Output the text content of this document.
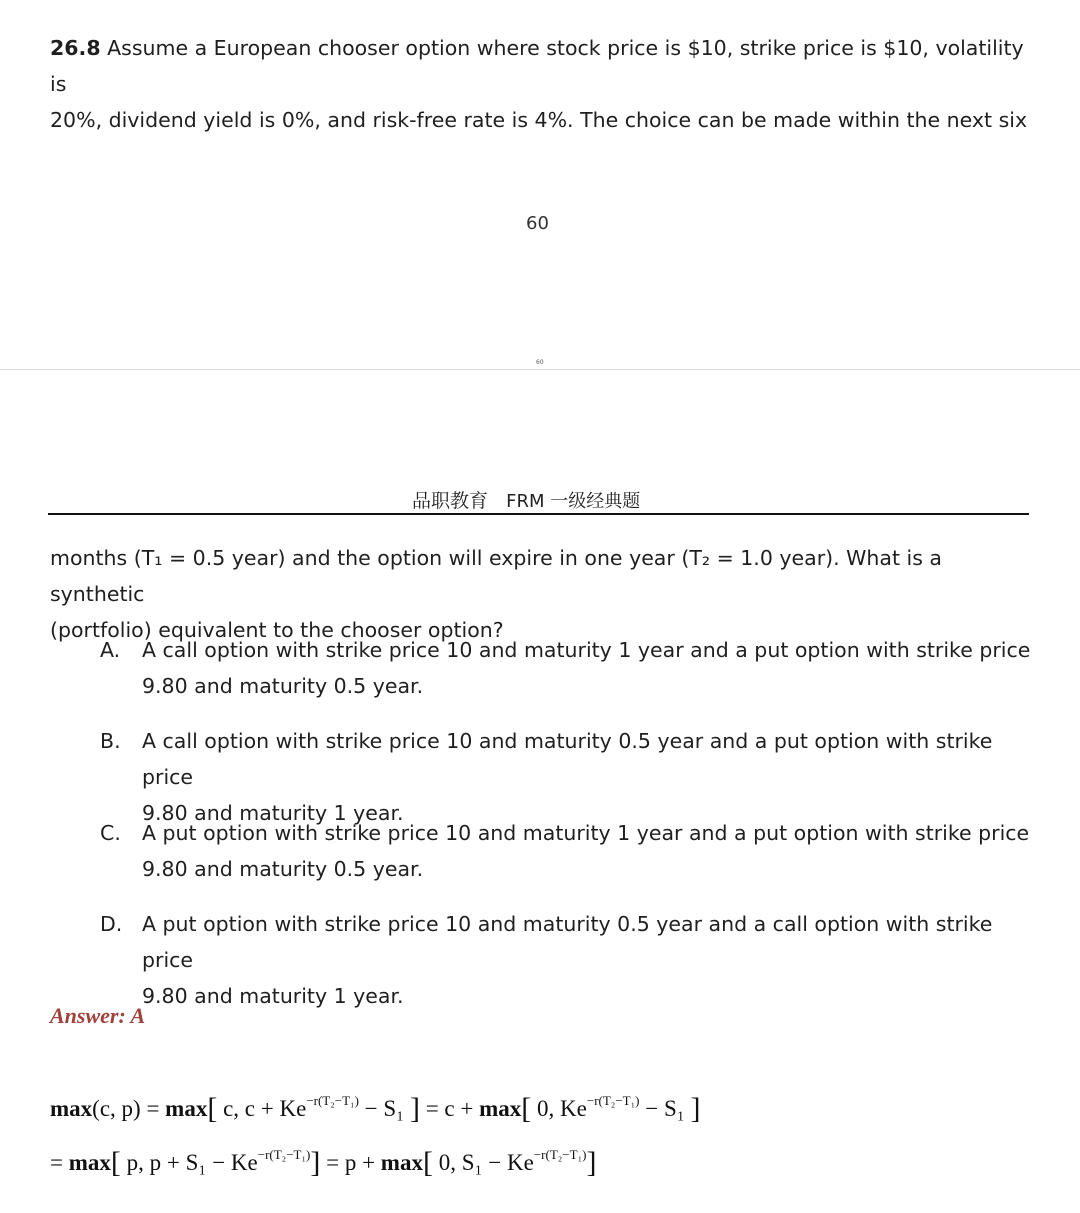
26.8 Assume a European chooser option where stock price is $10, strike price is $10, volatility is
20%, dividend yield is 0%, and risk-free rate is 4%. The choice can be made within the next six
60
60
品职教育 FRM 一级经典题
months (T₁ = 0.5 year) and the option will expire in one year (T₂ = 1.0 year). What is a synthetic
(portfolio) equivalent to the chooser option?
A. A call option with strike price 10 and maturity 1 year and a put option with strike price
9.80 and maturity 0.5 year.
B. A call option with strike price 10 and maturity 0.5 year and a put option with strike price
9.80 and maturity 1 year.
C. A put option with strike price 10 and maturity 1 year and a put option with strike price
9.80 and maturity 0.5 year.
D. A put option with strike price 10 and maturity 0.5 year and a call option with strike price
9.80 and maturity 1 year.
Answer: A
max(c, p) = max[ c, $c + Ke^{-r(T_2-T_1)} - S_1$ ] = c + max[ 0, $Ke^{-r(T_2-T_1)} - S_1$ ]
= max[ p, $p + S_1 - Ke^{-r(T_2-T_1)}] = p + \max$[ 0, $S_1 - Ke^{-r(T_2-T_1)}$]
